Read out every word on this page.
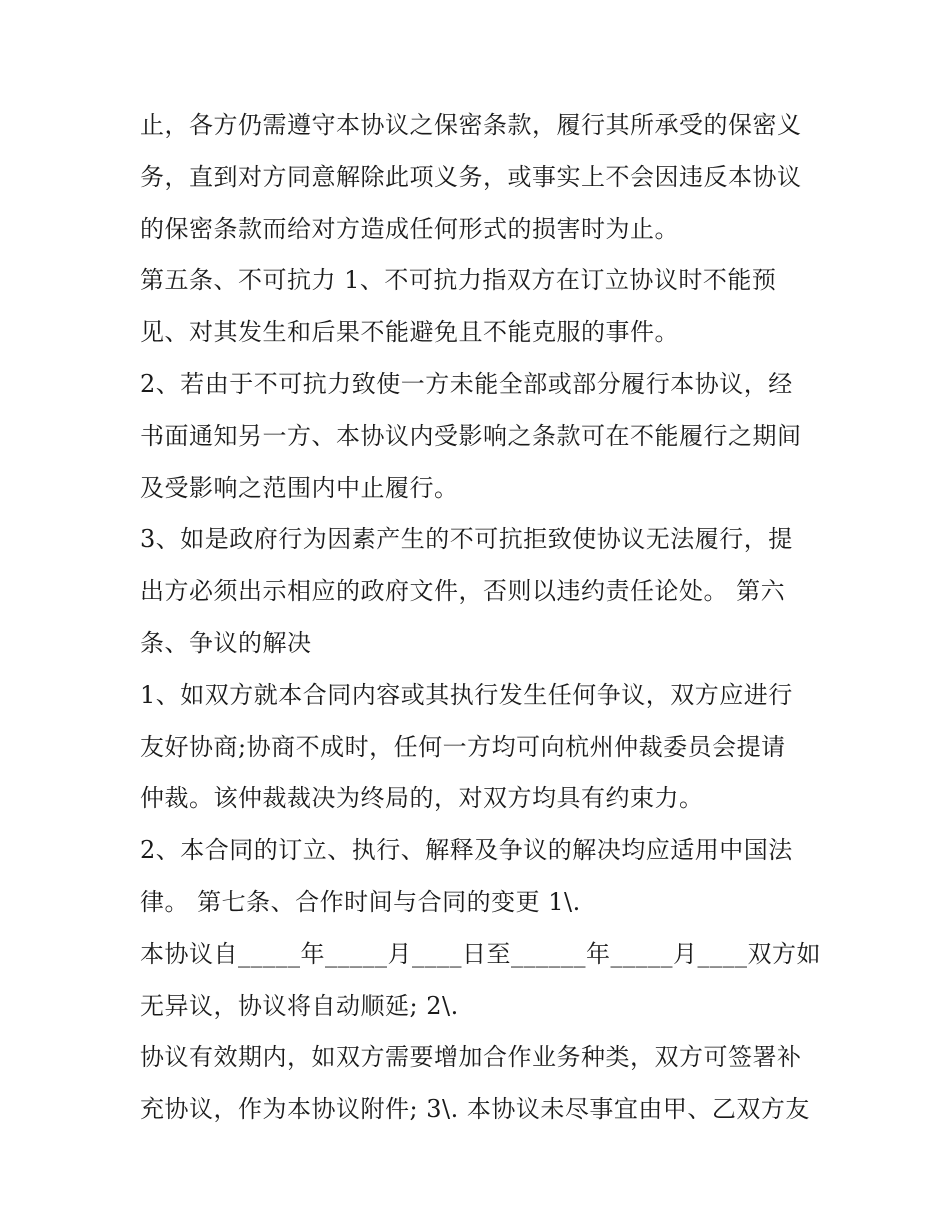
止，各方仍需遵守本协议之保密条款，履行其所承受的保密义
务，直到对方同意解除此项义务，或事实上不会因违反本协议
的保密条款而给对方造成任何形式的损害时为止。
第五条、不可抗力 1、不可抗力指双方在订立协议时不能预
见、对其发生和后果不能避免且不能克服的事件。
2、若由于不可抗力致使一方未能全部或部分履行本协议，经
书面通知另一方、本协议内受影响之条款可在不能履行之期间
及受影响之范围内中止履行。
3、如是政府行为因素产生的不可抗拒致使协议无法履行，提
出方必须出示相应的政府文件，否则以违约责任论处。 第六
条、争议的解决
1、如双方就本合同内容或其执行发生任何争议，双方应进行
友好协商;协商不成时，任何一方均可向杭州仲裁委员会提请
仲裁。该仲裁裁决为终局的，对双方均具有约束力。
2、本合同的订立、执行、解释及争议的解决均应适用中国法
律。 第七条、合作时间与合同的变更 1\.
本协议自_____年_____月____日至______年_____月____双方如
无异议，协议将自动顺延; 2\.
协议有效期内，如双方需要增加合作业务种类，双方可签署补
充协议，作为本协议附件; 3\. 本协议未尽事宜由甲、乙双方友
